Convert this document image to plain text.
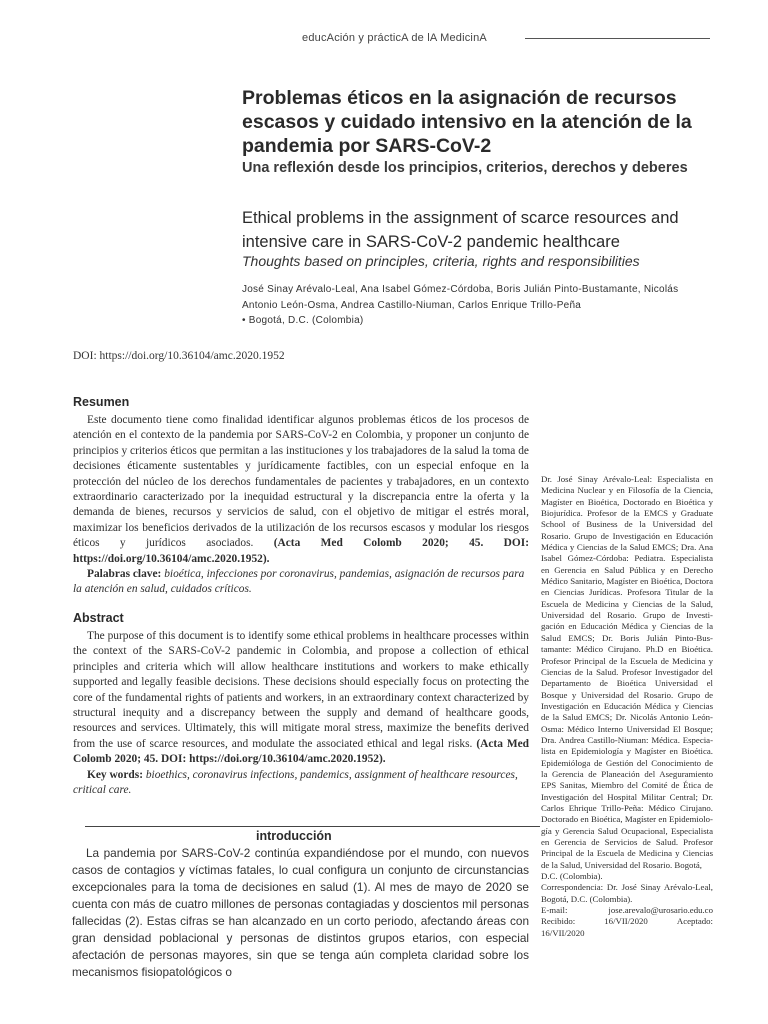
educAción y prácticA de lA MedicinA
Problemas éticos en la asignación de recursos escasos y cuidado intensivo en la atención de la pandemia por SARS-CoV-2
Una reflexión desde los principios, criterios, derechos y deberes
Ethical problems in the assignment of scarce resources and intensive care in SARS-CoV-2 pandemic healthcare
Thoughts based on principles, criteria, rights and responsibilities
José Sinay Arévalo-Leal, Ana Isabel Gómez-Córdoba, Boris Julián Pinto-Bustamante, Nicolás Antonio León-Osma, Andrea Castillo-Niuman, Carlos Enrique Trillo-Peña
• Bogotá, D.C. (Colombia)
DOI: https://doi.org/10.36104/amc.2020.1952
Resumen
Este documento tiene como finalidad identificar algunos problemas éticos de los procesos de atención en el contexto de la pandemia por SARS-CoV-2 en Colombia, y proponer un conjunto de principios y criterios éticos que permitan a las instituciones y los trabajadores de la salud la toma de decisiones éticamente sustentables y jurídicamente factibles, con un especial enfoque en la protección del núcleo de los derechos fundamentales de pacientes y trabajadores, en un contexto extraordinario caracterizado por la inequidad estructural y la discrepancia entre la oferta y la demanda de bienes, recursos y servicios de salud, con el objetivo de mitigar el estrés moral, maximizar los beneficios derivados de la utilización de los recursos escasos y modular los riesgos éticos y jurídicos asociados. (Acta Med Colomb 2020; 45. DOI: https://doi.org/10.36104/amc.2020.1952).
Palabras clave: bioética, infecciones por coronavirus, pandemias, asignación de recursos para la atención en salud, cuidados críticos.
Abstract
The purpose of this document is to identify some ethical problems in healthcare processes within the context of the SARS-CoV-2 pandemic in Colombia, and propose a collection of ethical principles and criteria which will allow healthcare institutions and workers to make ethically supported and legally feasible decisions. These decisions should especially focus on protecting the core of the fundamental rights of patients and workers, in an extraordinary context characterized by structural inequity and a discrepancy between the supply and demand of healthcare goods, resources and services. Ultimately, this will mitigate moral stress, maximize the benefits derived from the use of scarce resources, and modulate the associated ethical and legal risks. (Acta Med Colomb 2020; 45. DOI: https://doi.org/10.36104/amc.2020.1952).
Key words: bioethics, coronavirus infections, pandemics, assignment of healthcare resources, critical care.

Dr. José Sinay Arévalo-Leal: Especialista en Medicina Nuclear y en Filosofía de la Ciencia, Magíster en Bioética, Doctorado en Bioética y Biojurídica. Profesor de la EMCS y Graduate School of Business de la Universidad del Rosario. Grupo de Investigación en Educación Médica y Ciencias de la Salud EMCS; Dra. Ana Isabel Gómez-Córdoba: Pediatra. Especialista en Gerencia en Salud Pública y en Derecho Médico Sanitario, Magíster en Bioética, Doctora en Ciencias Jurídicas. Profesora Titular de la Escuela de Medicina y Ciencias de la Salud, Universidad del Rosario. Grupo de Investi- gación en Educación Médica y Ciencias de la Salud EMCS; Dr. Boris Julián Pinto-Bus- tamante: Médico Cirujano. Ph.D en Bioética. Profesor Principal de la Escuela de Medicina y Ciencias de la Salud. Profesor Investigador del Departamento de Bioética Universidad el Bosque y Universidad del Rosario. Grupo de Investigación en Educación Médica y Ciencias de la Salud EMCS; Dr. Nicolás Antonio León- Osma: Médico Interno Universidad El Bosque; Dra. Andrea Castillo-Niuman: Médica. Especia- lista en Epidemiología y Magíster en Bioética. Epidemióloga de Gestión del Conocimiento de la Gerencia de Planeación del Aseguramiento EPS Sanitas, Miembro del Comité de Ética de Investigación del Hospital Militar Central; Dr. Carlos Ehrique Trillo-Peña: Médico Cirujano. Doctorado en Bioética, Magíster en Epidemiolo- gía y Gerencia Salud Ocupacional, Especialista en Gerencia de Servicios de Salud. Profesor Principal de la Escuela de Medicina y Ciencias de la Salud, Universidad del Rosario. Bogotá,

D.C. (Colombia).

Correspondencia: Dr. José Sinay Arévalo-Leal, Bogotá, D.C. (Colombia).

E-mail:	jose.arevalo@urosario.edu.co
Recibido:	16/VII/2020	Aceptado:

16/VII/2020

introducción
La pandemia por SARS-CoV-2 continúa expandiéndose por el mundo, con nuevos casos de contagios y víctimas fatales, lo cual configura un conjunto de circunstancias excepcionales para la toma de decisiones en salud (1). Al mes de mayo de 2020 se cuenta con más de cuatro millones de personas contagiadas y doscientos mil personas fallecidas (2). Estas cifras se han alcanzado en un corto periodo, afectando áreas con gran densidad poblacional y personas de distintos grupos etarios, con especial afectación de personas mayores, sin que se tenga aún completa claridad sobre los mecanismos fisiopatológicos o
